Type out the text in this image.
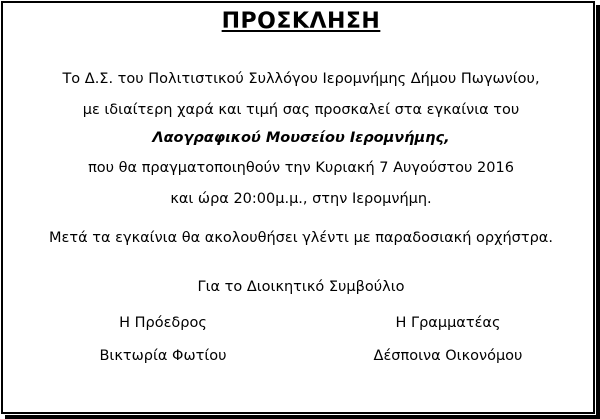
ΠΡΟΣΚΛΗΣΗ
Το Δ.Σ. του Πολιτιστικού Συλλόγου Ιερομνήμης Δήμου Πωγωνίου,
με ιδιαίτερη χαρά και τιμή σας προσκαλεί στα εγκαίνια του
Λαογραφικού Μουσείου Ιερομνήμης,
που θα πραγματοποιηθούν την Κυριακή 7 Αυγούστου 2016
και ώρα 20:00μ.μ., στην Ιερομνήμη.
Μετά τα εγκαίνια θα ακολουθήσει γλέντι με παραδοσιακή ορχήστρα.
Για το Διοικητικό Συμβούλιο
Η Πρόεδρος	Η Γραμματέας
Βικτωρία Φωτίου	Δέσποινα Οικονόμου
